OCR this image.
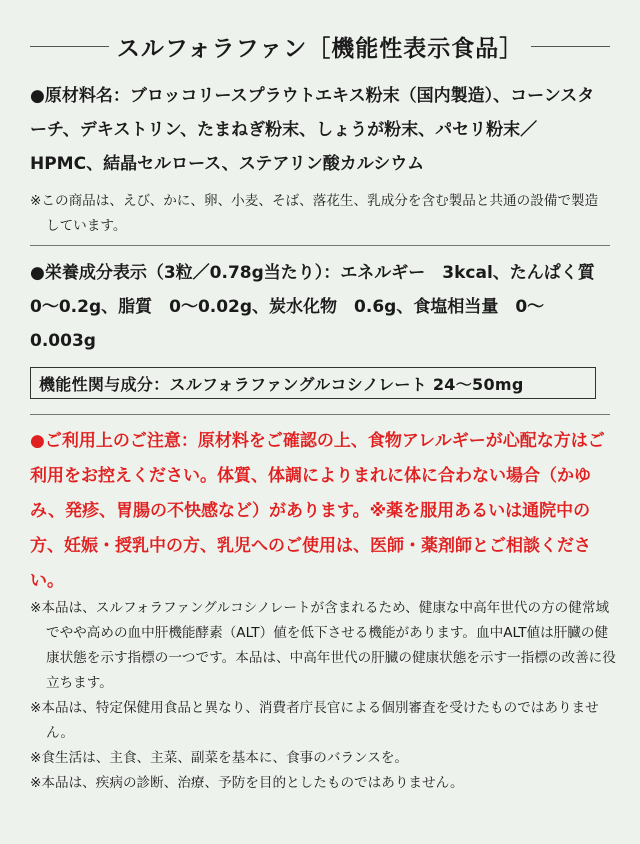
スルフォラファン［機能性表示食品］
●原材料名：ブロッコリースプラウトエキス粉末（国内製造）、コーンスターチ、デキストリン、たまねぎ粉末、しょうが粉末、パセリ粉末／HPMC、結晶セルロース、ステアリン酸カルシウム
※この商品は、えび、かに、卵、小麦、そば、落花生、乳成分を含む製品と共通の設備で製造しています。
●栄養成分表示（3粒／0.78g当たり）：エネルギー　3kcal、たんぱく質　0～0.2g、脂質　0～0.02g、炭水化物　0.6g、食塩相当量　0～0.003g
機能性関与成分：スルフォラファングルコシノレート 24～50mg
●ご利用上のご注意：原材料をご確認の上、食物アレルギーが心配な方はご利用をお控えください。体質、体調によりまれに体に合わない場合（かゆみ、発疹、胃腸の不快感など）があります。※薬を服用あるいは通院中の方、妊娠・授乳中の方、乳児へのご使用は、医師・薬剤師とご相談ください。
※本品は、スルフォラファングルコシノレートが含まれるため、健康な中高年世代の方の健常域でやや高めの血中肝機能酵素（ALT）値を低下させる機能があります。血中ALT値は肝臓の健康状態を示す指標の一つです。本品は、中高年世代の肝臓の健康状態を示す一指標の改善に役立ちます。
※本品は、特定保健用食品と異なり、消費者庁長官による個別審査を受けたものではありません。
※食生活は、主食、主菜、副菜を基本に、食事のバランスを。
※本品は、疾病の診断、治療、予防を目的としたものではありません。
